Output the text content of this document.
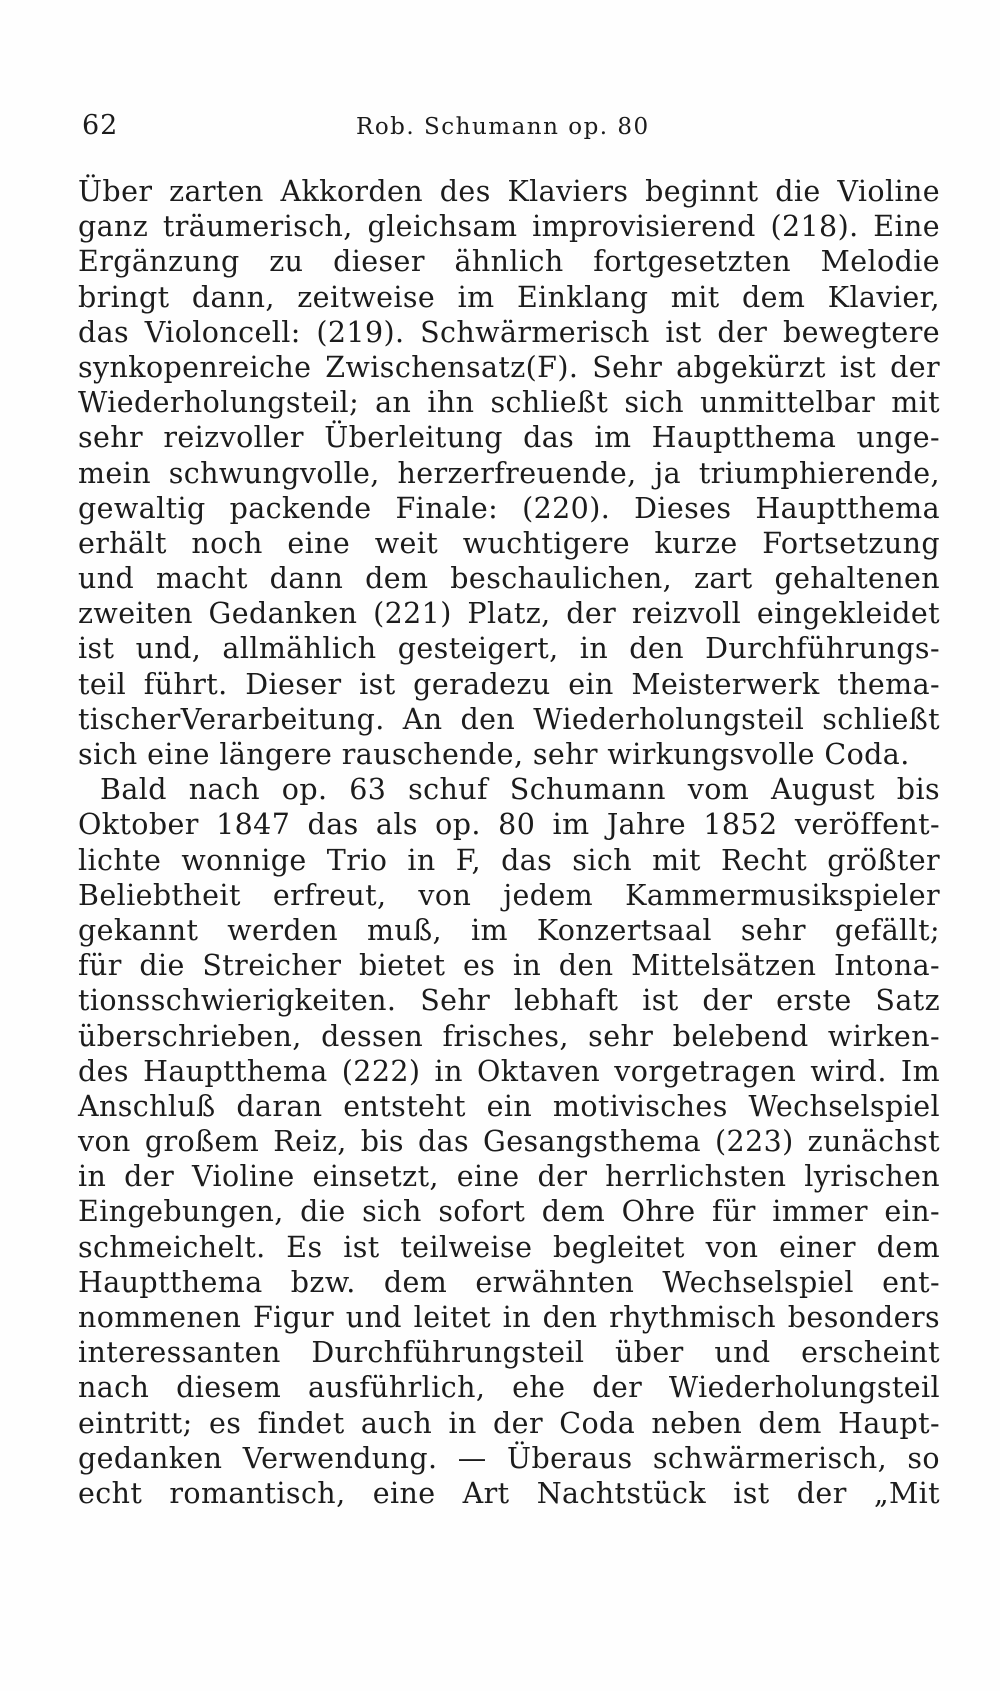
62	Rob. Schumann op. 80
Über zarten Akkorden des Klaviers beginnt die Violine
ganz träumerisch, gleichsam improvisierend (218). Eine
Ergänzung zu dieser ähnlich fortgesetzten Melodie
bringt dann, zeitweise im Einklang mit dem Klavier,
das Violoncell: (219). Schwärmerisch ist der bewegtere
synkopenreiche Zwischensatz(F). Sehr abgekürzt ist der
Wiederholungsteil; an ihn schließt sich unmittelbar mit
sehr reizvoller Überleitung das im Hauptthema unge-
mein schwungvolle, herzerfreuende, ja triumphierende,
gewaltig packende Finale: (220). Dieses Hauptthema
erhält noch eine weit wuchtigere kurze Fortsetzung
und macht dann dem beschaulichen, zart gehaltenen
zweiten Gedanken (221) Platz, der reizvoll eingekleidet
ist und, allmählich gesteigert, in den Durchführungs-
teil führt. Dieser ist geradezu ein Meisterwerk thema-
tischerVerarbeitung. An den Wiederholungsteil schließt
sich eine längere rauschende, sehr wirkungsvolle Coda.
Bald nach op. 63 schuf Schumann vom August bis
Oktober 1847 das als op. 80 im Jahre 1852 veröffent-
lichte wonnige Trio in F, das sich mit Recht größter
Beliebtheit erfreut, von jedem Kammermusikspieler
gekannt werden muß, im Konzertsaal sehr gefällt;
für die Streicher bietet es in den Mittelsätzen Intona-
tionsschwierigkeiten. Sehr lebhaft ist der erste Satz
überschrieben, dessen frisches, sehr belebend wirken-
des Hauptthema (222) in Oktaven vorgetragen wird. Im
Anschluß daran entsteht ein motivisches Wechselspiel
von großem Reiz, bis das Gesangsthema (223) zunächst
in der Violine einsetzt, eine der herrlichsten lyrischen
Eingebungen, die sich sofort dem Ohre für immer ein-
schmeichelt. Es ist teilweise begleitet von einer dem
Hauptthema bzw. dem erwähnten Wechselspiel ent-
nommenen Figur und leitet in den rhythmisch besonders
interessanten Durchführungsteil über und erscheint
nach diesem ausführlich, ehe der Wiederholungsteil
eintritt; es findet auch in der Coda neben dem Haupt-
gedanken Verwendung. — Überaus schwärmerisch, so
echt romantisch, eine Art Nachtstück ist der „Mit
